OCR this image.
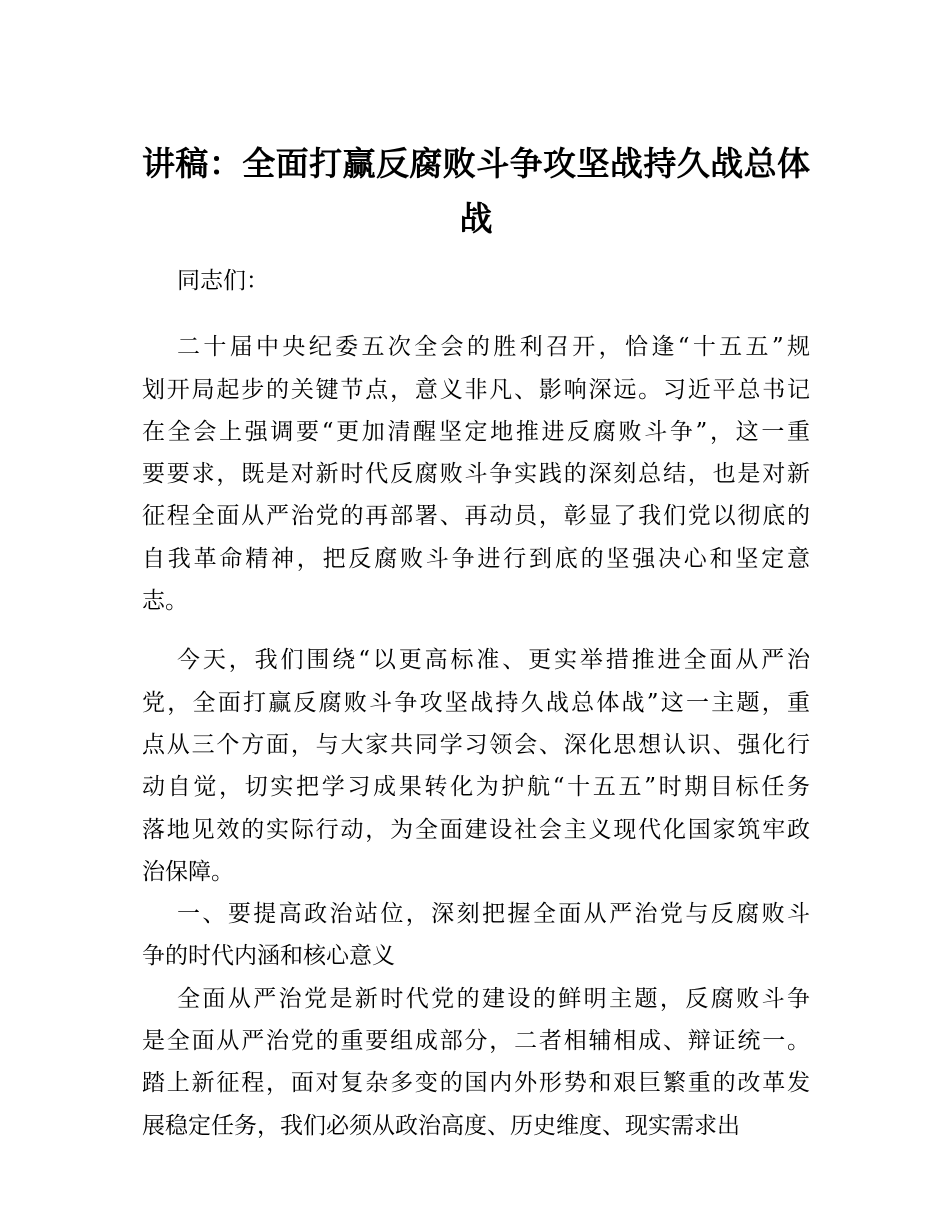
讲稿：全面打赢反腐败斗争攻坚战持久战总体
战
同志们：
二十届中央纪委五次全会的胜利召开，恰逢“十五五”规
划开局起步的关键节点，意义非凡、影响深远。习近平总书记
在全会上强调要“更加清醒坚定地推进反腐败斗争”，这一重
要要求，既是对新时代反腐败斗争实践的深刻总结，也是对新
征程全面从严治党的再部署、再动员，彰显了我们党以彻底的
自我革命精神，把反腐败斗争进行到底的坚强决心和坚定意
志。
今天，我们围绕“以更高标准、更实举措推进全面从严治
党，全面打赢反腐败斗争攻坚战持久战总体战”这一主题，重
点从三个方面，与大家共同学习领会、深化思想认识、强化行
动自觉，切实把学习成果转化为护航“十五五”时期目标任务
落地见效的实际行动，为全面建设社会主义现代化国家筑牢政
治保障。
一、要提高政治站位，深刻把握全面从严治党与反腐败斗
争的时代内涵和核心意义
全面从严治党是新时代党的建设的鲜明主题，反腐败斗争
是全面从严治党的重要组成部分，二者相辅相成、辩证统一。
踏上新征程，面对复杂多变的国内外形势和艰巨繁重的改革发
展稳定任务，我们必须从政治高度、历史维度、现实需求出
